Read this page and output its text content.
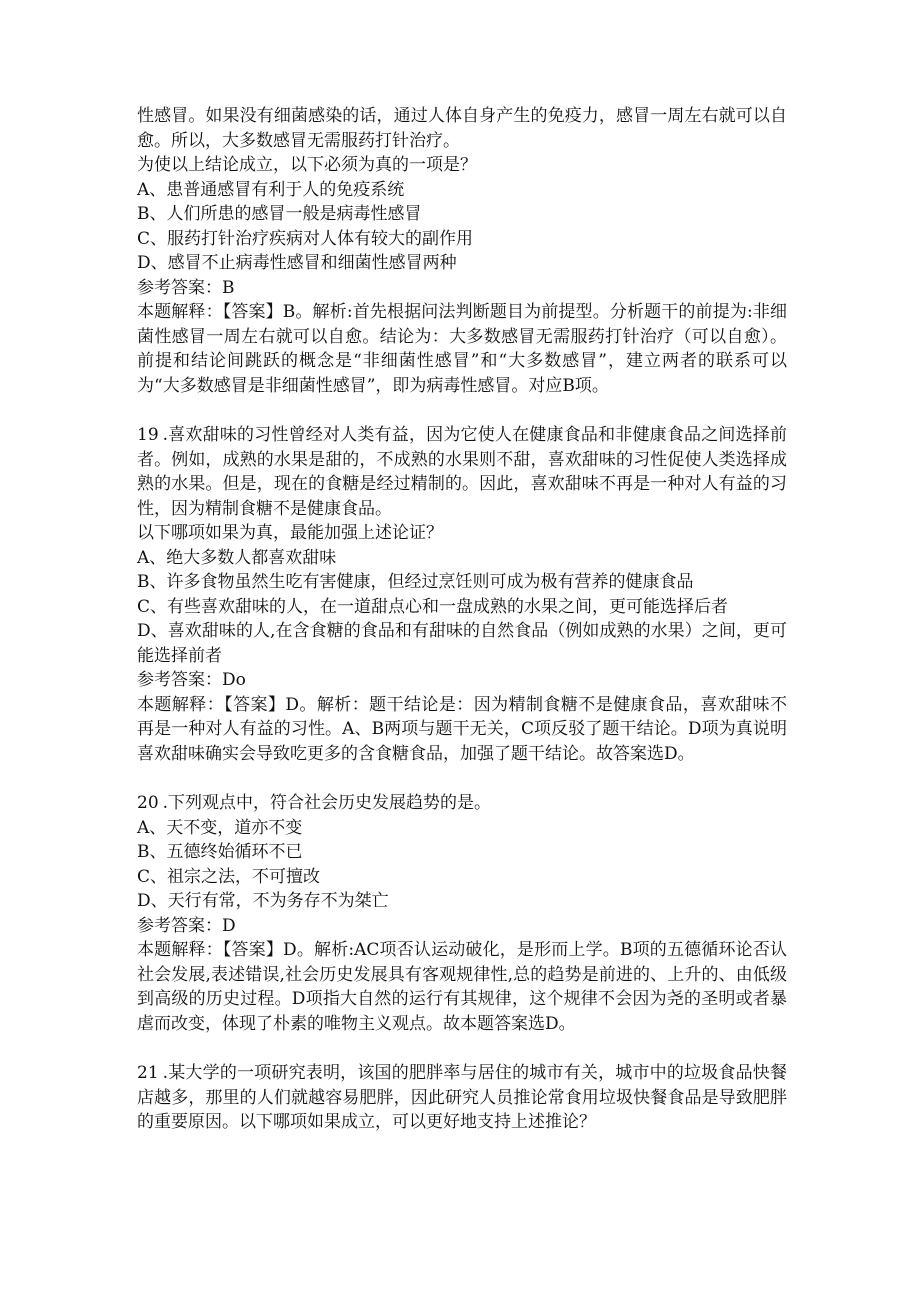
性感冒。如果没有细菌感染的话，通过人体自身产生的免疫力，感冒一周左右就可以自愈。所以，大多数感冒无需服药打针治疗。

为使以上结论成立，以下必须为真的一项是？

A、患普通感冒有利于人的免疫系统

B、人们所患的感冒一般是病毒性感冒

C、服药打针治疗疾病对人体有较大的副作用

D、感冒不止病毒性感冒和细菌性感冒两种

参考答案：B

本题解释：【答案】B。解析:首先根据问法判断题目为前提型。分析题干的前提为:非细菌性感冒一周左右就可以自愈。结论为：大多数感冒无需服药打针治疗（可以自愈）。前提和结论间跳跃的概念是“非细菌性感冒”和“大多数感冒”，建立两者的联系可以为“大多数感冒是非细菌性感冒”，即为病毒性感冒。对应B项。

19 .喜欢甜味的习性曾经对人类有益，因为它使人在健康食品和非健康食品之间选择前者。例如，成熟的水果是甜的，不成熟的水果则不甜，喜欢甜味的习性促使人类选择成熟的水果。但是，现在的食糖是经过精制的。因此，喜欢甜味不再是一种对人有益的习性，因为精制食糖不是健康食品。

以下哪项如果为真，最能加强上述论证？

A、绝大多数人都喜欢甜味

B、许多食物虽然生吃有害健康，但经过烹饪则可成为极有营养的健康食品

C、有些喜欢甜味的人，在一道甜点心和一盘成熟的水果之间，更可能选择后者

D、喜欢甜味的人,在含食糖的食品和有甜味的自然食品（例如成熟的水果）之间，更可能选择前者

参考答案：Do

本题解释：【答案】D。解析：题干结论是：因为精制食糖不是健康食品，喜欢甜味不再是一种对人有益的习性。A、B两项与题干无关，C项反驳了题干结论。D项为真说明喜欢甜味确实会导致吃更多的含食糖食品，加强了题干结论。故答案选D。

20 .下列观点中，符合社会历史发展趋势的是。

A、天不变，道亦不变

B、五德终始循环不已

C、祖宗之法，不可擅改

D、天行有常，不为务存不为桀亡

参考答案：D

本题解释：【答案】D。解析:AC项否认运动破化，是形而上学。B项的五德循环论否认社会发展,表述错误,社会历史发展具有客观规律性,总的趋势是前进的、上升的、由低级到高级的历史过程。D项指大自然的运行有其规律，这个规律不会因为尧的圣明或者暴虐而改变，体现了朴素的唯物主义观点。故本题答案选D。

21 .某大学的一项研究表明，该国的肥胖率与居住的城市有关，城市中的垃圾食品快餐店越多，那里的人们就越容易肥胖，因此研究人员推论常食用垃圾快餐食品是导致肥胖的重要原因。以下哪项如果成立，可以更好地支持上述推论？
